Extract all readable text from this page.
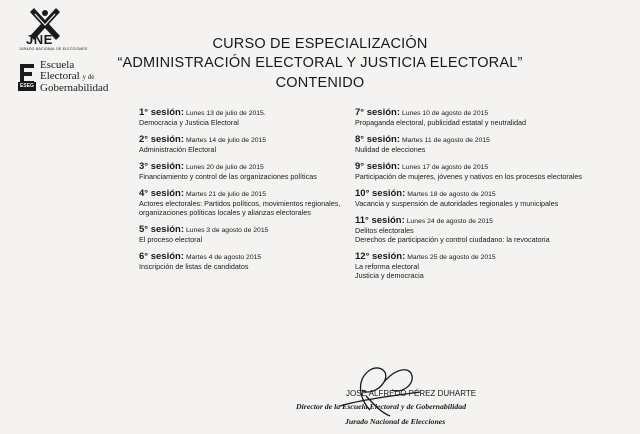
JNE
JURADO NACIONAL DE ELECCIONES
ESEG
Escuela
Electoral y de
Gobernabilidad
CURSO DE ESPECIALIZACIÓN
“ADMINISTRACIÓN ELECTORAL Y JUSTICIA ELECTORAL”
CONTENIDO
1° sesión: Lunes 13 de julio de 2015.
Democracia y Justicia Electoral
2° sesión: Martes 14 de julio de 2015
Administración Electoral
3° sesión: Lunes 20 de julio de 2015
Financiamiento y control de las organizaciones políticas
4° sesión: Martes 21 de julio de 2015
Actores electorales: Partidos políticos, movimientos regionales, organizaciones políticas locales y alianzas electorales
5° sesión: Lunes 3 de agosto de 2015
El proceso electoral
6° sesión: Martes 4 de agosto 2015
Inscripción de listas de candidatos
7° sesión: Lunes 10 de agosto de 2015
Propaganda electoral, publicidad estatal y neutralidad
8° sesión: Martes 11 de agosto de 2015
Nulidad de elecciones
9° sesión: Lunes 17 de agosto de 2015
Participación de mujeres, jóvenes y nativos en los procesos electorales
10° sesión: Martes 18 de agosto de 2015
Vacancia y suspensión de autoridades regionales y municipales
11° sesión: Lunes 24 de agosto de 2015
Delitos electorales
Derechos de participación y control ciudadano: la revocatoria
12° sesión: Martes 25 de agosto de 2015
La reforma electoral
Justicia y democracia
JOSE ALFREDO PÉREZ DUHARTE
Director de la Escuela Electoral y de Gobernabilidad
Jurado Nacional de Elecciones
